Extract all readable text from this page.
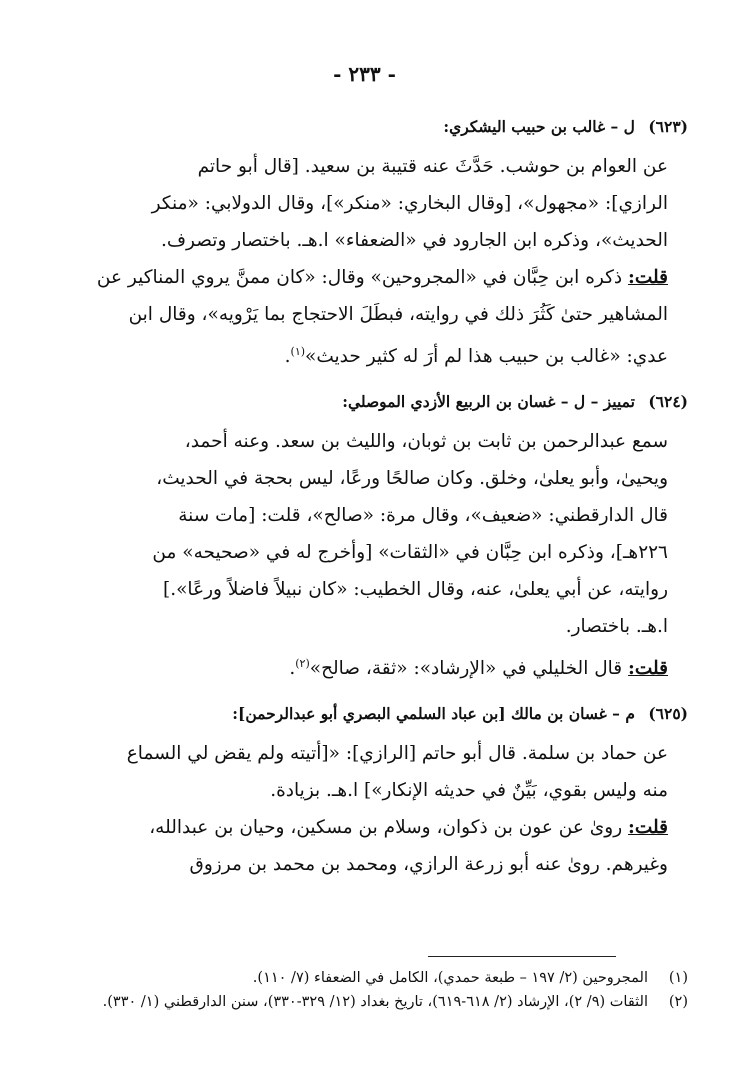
- ٢٣٣ -
(٦٢٣) ل – غالب بن حبيب اليشكري:

عن العوام بن حوشب. حَدَّثَ عنه قتيبة بن سعيد. [قال أبو حاتم

الرازي]: «مجهول»، [وقال البخاري: «منكر»]، وقال الدولابي: «منكر

الحديث»، وذكره ابن الجارود في «الضعفاء» ا.هـ. باختصار وتصرف.

قلت: ذكره ابن حِبَّان في «المجروحين» وقال: «كان ممنَّ يروي المناكير عن

المشاهير حتىٰ كَثُرَ ذلك في روايته، فبطَلَ الاحتجاج بما يَرْويه»، وقال ابن

عدي: «غالب بن حبيب هذا لم أرَ له كثير حديث»$^{(١)}$.

(٦٢٤) تمييز – ل – غسان بن الربيع الأزدي الموصلي:

سمع عبدالرحمن بن ثابت بن ثوبان، والليث بن سعد. وعنه أحمد،

ويحيىٰ، وأبو يعلىٰ، وخلق. وكان صالحًا ورعًا، ليس بحجة في الحديث،

قال الدارقطني: «ضعيف»، وقال مرة: «صالح»، قلت: [مات سنة

٢٢٦هـ]، وذكره ابن حِبَّان في «الثقات» [وأخرج له في «صحيحه» من

روايته، عن أبي يعلىٰ، عنه، وقال الخطيب: «كان نبيلاً فاضلاً ورعًا».]

ا.هـ. باختصار.

قلت: قال الخليلي في «الإرشاد»: «ثقة، صالح»$^{(٢)}$.

(٦٢٥) م – غسان بن مالك [بن عباد السلمي البصري أبو عبدالرحمن]:

عن حماد بن سلمة. قال أبو حاتم [الرازي]: «[أتيته ولم يقض لي السماع

منه وليس بقوي، بَيِّنٌ في حديثه الإنكار»] ا.هـ. بزيادة.

قلت: روىٰ عن عون بن ذكوان، وسلام بن مسكين، وحيان بن عبدالله،

وغيرهم. روىٰ عنه أبو زرعة الرازي، ومحمد بن محمد بن مرزوق

(١)
المجروحين (٢/ ١٩٧ – طبعة حمدي)، الكامل في الضعفاء (٧/ ١١٠).
(٢)
الثقات (٩/ ٢)، الإرشاد (٢/ ٦١٨-٦١٩)، تاريخ بغداد (١٢/ ٣٢٩-٣٣٠)، سنن الدارقطني (١/ ٣٣٠).
